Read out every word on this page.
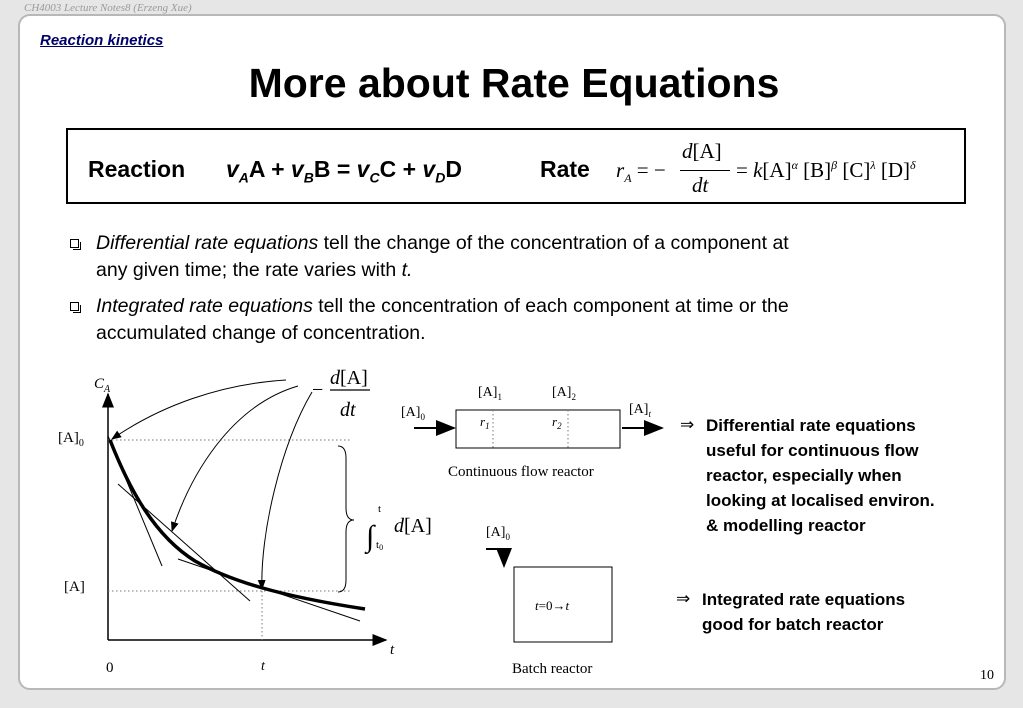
CH4003 Lecture Notes8 (Erzeng Xue)
Reaction kinetics
More about Rate Equations
Reaction $v_AA + v_BB = v_CC + v_DD$	Rate $r_A$ = −
d[A]
dt
= $k[A]^\alpha$ $[B]^\beta$ $[C]^\lambda$ $[D]^\delta$
Differential rate equations tell the change of the concentration of a component at
any given time; the rate varies with t.
Integrated rate equations tell the concentration of each component at time or the
accumulated change of concentration.
$C_A$
t
0	t
$[A]_0$
[A]
−
d[A]
dt
∫
t
t0
d[A]
$[A]_0$
$[A]_1$	$[A]_2$
$[A]_t$
$r_1$	$r_2$
Continuous flow reactor
$[A]_0$
t=0→t
Batch reactor
⇒ Differential rate equations
useful for continuous flow
reactor, especially when
looking at localised environ.
& modelling reactor
⇒ Integrated rate equations
good for batch reactor
10
